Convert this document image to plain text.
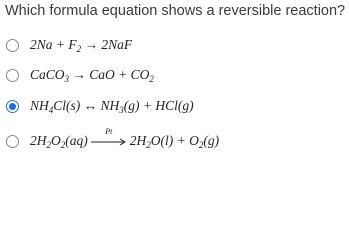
Which formula equation shows a reversible reaction?
$2Na + F_2 \to 2NaF$
CaCO$_3$ → CaO + $CO_2$
$NH_4Cl(s)$ ↔ $NH_3(g) + HCl(g)$
$2H_2O_2(aq)$
Pt
$2H_2O(l) + O_2(g)$
